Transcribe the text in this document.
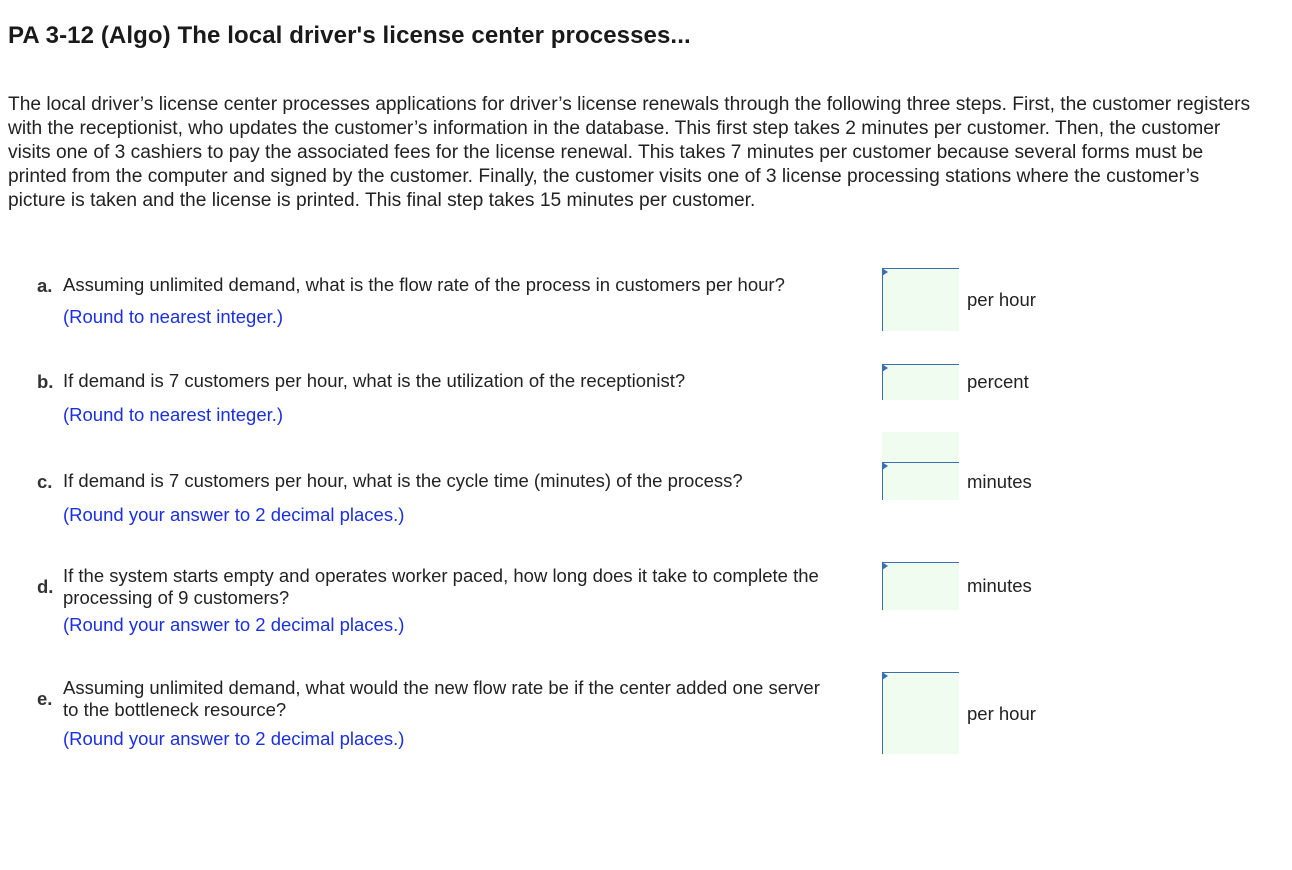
PA 3-12 (Algo) The local driver's license center processes...
The local driver’s license center processes applications for driver’s license renewals through the following three steps. First, the customer registers with the receptionist, who updates the customer’s information in the database. This first step takes 2 minutes per customer. Then, the customer visits one of 3 cashiers to pay the associated fees for the license renewal. This takes 7 minutes per customer because several forms must be printed from the computer and signed by the customer. Finally, the customer visits one of 3 license processing stations where the customer’s picture is taken and the license is printed. This final step takes 15 minutes per customer.
a. Assuming unlimited demand, what is the flow rate of the process in customers per hour?
(Round to nearest integer.)
per hour
b. If demand is 7 customers per hour, what is the utilization of the receptionist?
(Round to nearest integer.)
percent
c. If demand is 7 customers per hour, what is the cycle time (minutes) of the process?
(Round your answer to 2 decimal places.)
minutes
d.
If the system starts empty and operates worker paced, how long does it take to complete the processing of 9 customers?
(Round your answer to 2 decimal places.)
minutes
e.
Assuming unlimited demand, what would the new flow rate be if the center added one server to the bottleneck resource?
(Round your answer to 2 decimal places.)
per hour
